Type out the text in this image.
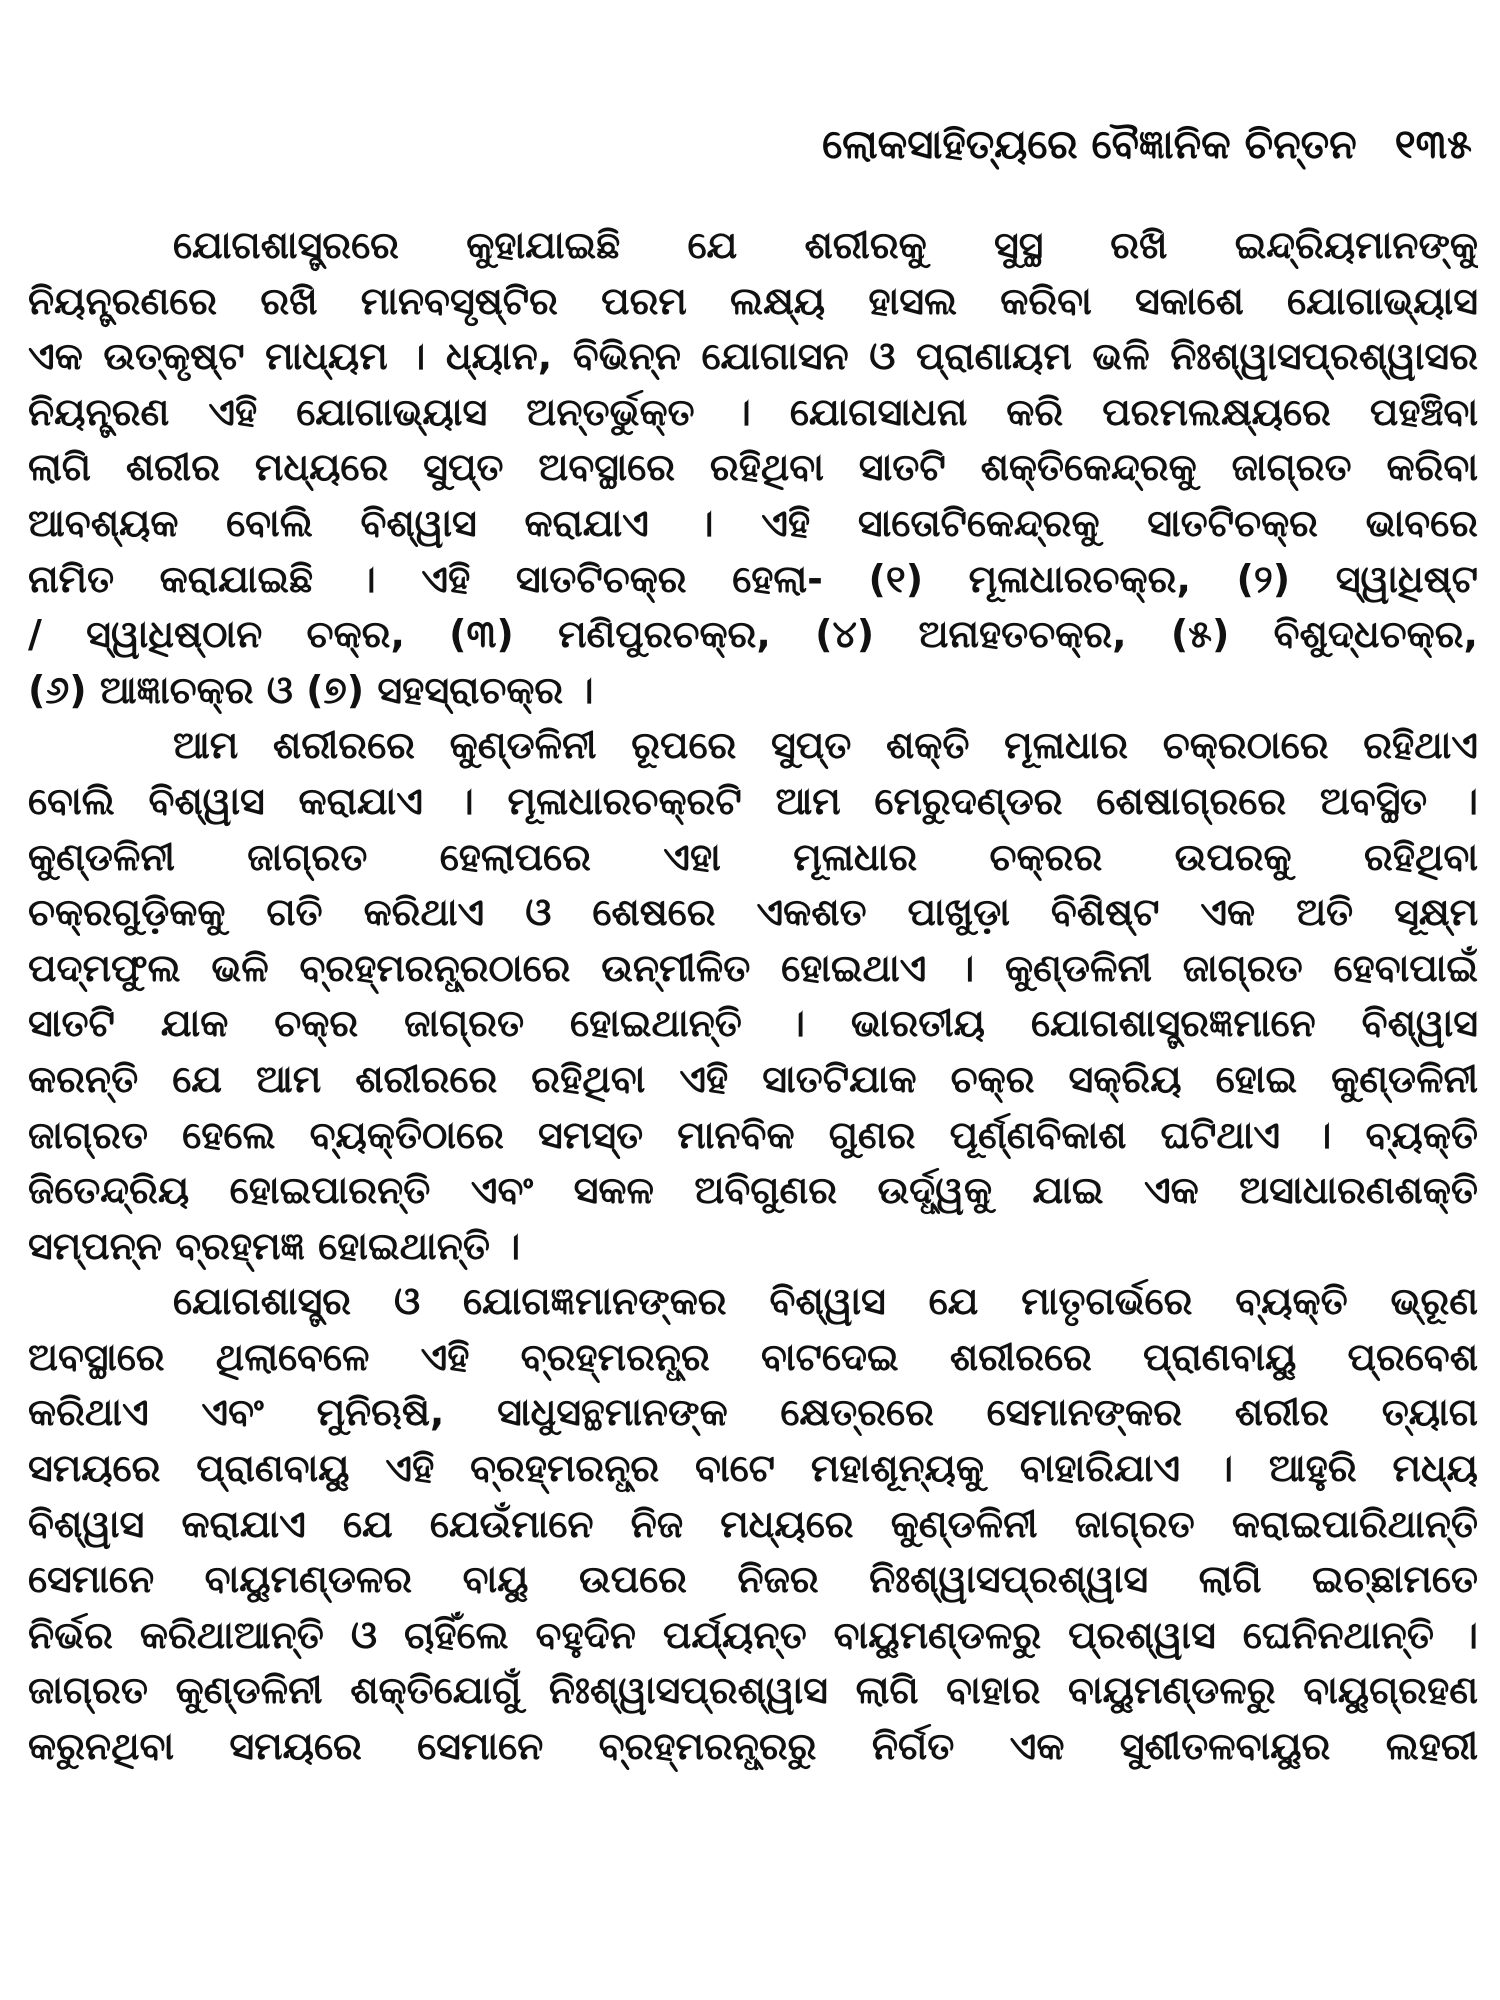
ଲୋକସାହିତ୍ୟରେ ବୈଜ୍ଞାନିକ ଚିନ୍ତନ ୧୩୫
ଯୋଗଶାସ୍ତ୍ରରେ କୁହାଯାଇଛି ଯେ ଶରୀରକୁ ସୁସ୍ଥ ରଖି ଇନ୍ଦ୍ରିୟମାନଙ୍କୁ
ନିୟନ୍ତ୍ରଣରେ ରଖି ମାନବସୃଷ୍ଟିର ପରମ ଲକ୍ଷ୍ୟ ହାସଲ କରିବା ସକାଶେ ଯୋଗାଭ୍ୟାସ
ଏକ ଉତ୍କୃଷ୍ଟ ମାଧ୍ୟମ । ଧ୍ୟାନ, ବିଭିନ୍ନ ଯୋଗାସନ ଓ ପ୍ରାଣାୟମ ଭଳି ନିଃଶ୍ୱାସପ୍ରଶ୍ୱାସର
ନିୟନ୍ତ୍ରଣ ଏହି ଯୋଗାଭ୍ୟାସ ଅନ୍ତର୍ଭୁକ୍ତ । ଯୋଗସାଧନା କରି ପରମଲକ୍ଷ୍ୟରେ ପହଞ୍ଚିବା
ଲାଗି ଶରୀର ମଧ୍ୟରେ ସୁପ୍ତ ଅବସ୍ଥାରେ ରହିଥିବା ସାତଟି ଶକ୍ତିକେନ୍ଦ୍ରକୁ ଜାଗ୍ରତ କରିବା
ଆବଶ୍ୟକ ବୋଲି ବିଶ୍ୱାସ କରାଯାଏ । ଏହି ସାତୋଟିକେନ୍ଦ୍ରକୁ ସାତଟିଚକ୍ର ଭାବରେ
ନାମିତ କରାଯାଇଛି । ଏହି ସାତଟିଚକ୍ର ହେଲା- (୧) ମୂଳାଧାରଚକ୍ର, (୨) ସ୍ୱାଧିଷ୍ଟ
/ ସ୍ୱାଧିଷ୍ଠାନ ଚକ୍ର, (୩) ମଣିପୁରଚକ୍ର, (୪) ଅନାହତଚକ୍ର, (୫) ବିଶୁଦ୍ଧଚକ୍ର,
(୬) ଆଜ୍ଞାଚକ୍ର ଓ (୭) ସହସ୍ରାଚକ୍ର ।
ଆମ ଶରୀରରେ କୁଣ୍ଡଳିନୀ ରୂପରେ ସୁପ୍ତ ଶକ୍ତି ମୂଳାଧାର ଚକ୍ରଠାରେ ରହିଥାଏ
ବୋଲି ବିଶ୍ୱାସ କରାଯାଏ । ମୂଳାଧାରଚକ୍ରଟି ଆମ ମେରୁଦଣ୍ଡର ଶେଷାଗ୍ରରେ ଅବସ୍ଥିତ ।
କୁଣ୍ଡଳିନୀ ଜାଗ୍ରତ ହେଲାପରେ ଏହା ମୂଳାଧାର ଚକ୍ରର ଉପରକୁ ରହିଥିବା
ଚକ୍ରଗୁଡ଼ିକକୁ ଗତି କରିଥାଏ ଓ ଶେଷରେ ଏକଶତ ପାଖୁଡ଼ା ବିଶିଷ୍ଟ ଏକ ଅତି ସୂକ୍ଷ୍ମ
ପଦ୍ମଫୁଲ ଭଳି ବ୍ରହ୍ମରନ୍ଧ୍ରଠାରେ ଉନ୍ମୀଳିତ ହୋଇଥାଏ । କୁଣ୍ଡଳିନୀ ଜାଗ୍ରତ ହେବାପାଇଁ
ସାତଟି ଯାକ ଚକ୍ର ଜାଗ୍ରତ ହୋଇଥାନ୍ତି । ଭାରତୀୟ ଯୋଗଶାସ୍ତ୍ରଜ୍ଞମାନେ ବିଶ୍ୱାସ
କରନ୍ତି ଯେ ଆମ ଶରୀରରେ ରହିଥିବା ଏହି ସାତଟିଯାକ ଚକ୍ର ସକ୍ରିୟ ହୋଇ କୁଣ୍ଡଳିନୀ
ଜାଗ୍ରତ ହେଲେ ବ୍ୟକ୍ତିଠାରେ ସମସ୍ତ ମାନବିକ ଗୁଣର ପୂର୍ଣ୍ଣବିକାଶ ଘଟିଥାଏ । ବ୍ୟକ୍ତି
ଜିତେନ୍ଦ୍ରିୟ ହୋଇପାରନ୍ତି ଏବଂ ସକଳ ଅବିଗୁଣର ଉର୍ଦ୍ଧ୍ୱକୁ ଯାଇ ଏକ ଅସାଧାରଣଶକ୍ତି
ସମ୍ପନ୍ନ ବ୍ରହ୍ମଜ୍ଞ ହୋଇଥାନ୍ତି ।
ଯୋଗଶାସ୍ତ୍ର ଓ ଯୋଗଜ୍ଞମାନଙ୍କର ବିଶ୍ୱାସ ଯେ ମାତୃଗର୍ଭରେ ବ୍ୟକ୍ତି ଭ୍ରୂଣ
ଅବସ୍ଥାରେ ଥିଲାବେଳେ ଏହି ବ୍ରହ୍ମରନ୍ଧ୍ର ବାଟଦେଇ ଶରୀରରେ ପ୍ରାଣବାୟୁ ପ୍ରବେଶ
କରିଥାଏ ଏବଂ ମୁନିଋଷି, ସାଧୁସନ୍ଥମାନଙ୍କ କ୍ଷେତ୍ରରେ ସେମାନଙ୍କର ଶରୀର ତ୍ୟାଗ
ସମୟରେ ପ୍ରାଣବାୟୁ ଏହି ବ୍ରହ୍ମରନ୍ଧ୍ର ବାଟେ ମହାଶୂନ୍ୟକୁ ବାହାରିଯାଏ । ଆହୁରି ମଧ୍ୟ
ବିଶ୍ୱାସ କରାଯାଏ ଯେ ଯେଉଁମାନେ ନିଜ ମଧ୍ୟରେ କୁଣ୍ଡଳିନୀ ଜାଗ୍ରତ କରାଇପାରିଥାନ୍ତି
ସେମାନେ ବାୟୁମଣ୍ଡଳର ବାୟୁ ଉପରେ ନିଜର ନିଃଶ୍ୱାସପ୍ରଶ୍ୱାସ ଲାଗି ଇଚ୍ଛାମତେ
ନିର୍ଭର କରିଥାଆନ୍ତି ଓ ଚାହିଁଲେ ବହୁଦିନ ପର୍ଯ୍ୟନ୍ତ ବାୟୁମଣ୍ଡଳରୁ ପ୍ରଶ୍ୱାସ ଘେନିନଥାନ୍ତି ।
ଜାଗ୍ରତ କୁଣ୍ଡଳିନୀ ଶକ୍ତିଯୋଗୁଁ ନିଃଶ୍ୱାସପ୍ରଶ୍ୱାସ ଲାଗି ବାହାର ବାୟୁମଣ୍ଡଳରୁ ବାୟୁଗ୍ରହଣ
କରୁନଥିବା ସମୟରେ ସେମାନେ ବ୍ରହ୍ମରନ୍ଧ୍ରରୁ ନିର୍ଗତ ଏକ ସୁଶୀତଳବାୟୁର ଲହରୀ
